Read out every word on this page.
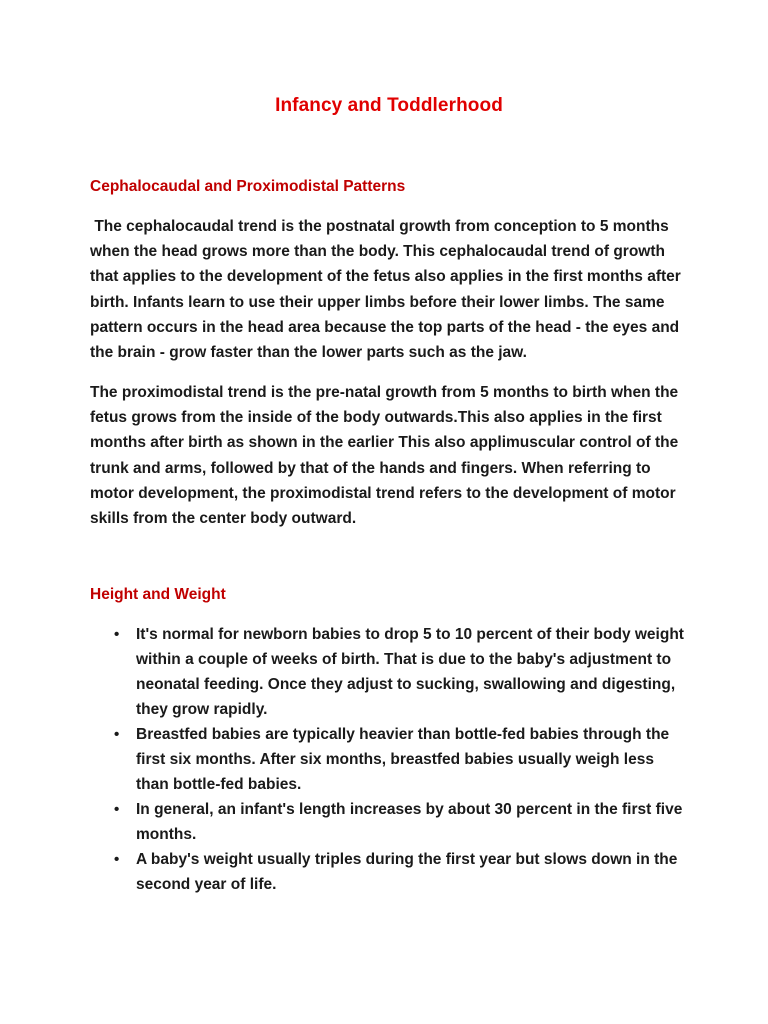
Infancy and Toddlerhood
Cephalocaudal and Proximodistal Patterns

The cephalocaudal trend is the postnatal growth from conception to 5 months when the head grows more than the body. This cephalocaudal trend of growth that applies to the development of the fetus also applies in the first months after birth. Infants learn to use their upper limbs before their lower limbs. The same pattern occurs in the head area because the top parts of the head - the eyes and the brain - grow faster than the lower parts such as the jaw.

The proximodistal trend is the pre-natal growth from 5 months to birth when the fetus grows from the inside of the body outwards.This also applies in the first months after birth as shown in the earlier This also applimuscular control of the trunk and arms, followed by that of the hands and fingers. When referring to motor development, the proximodistal trend refers to the development of motor skills from the center body outward.

Height and Weight
• It's normal for newborn babies to drop 5 to 10 percent of their body weight within a couple of weeks of birth. That is due to the baby's adjustment to neonatal feeding. Once they adjust to sucking, swallowing and digesting, they grow rapidly.
• Breastfed babies are typically heavier than bottle-fed babies through the first six months. After six months, breastfed babies usually weigh less than bottle-fed babies.
• In general, an infant's length increases by about 30 percent in the first five months.
• A baby's weight usually triples during the first year but slows down in the second year of life.
